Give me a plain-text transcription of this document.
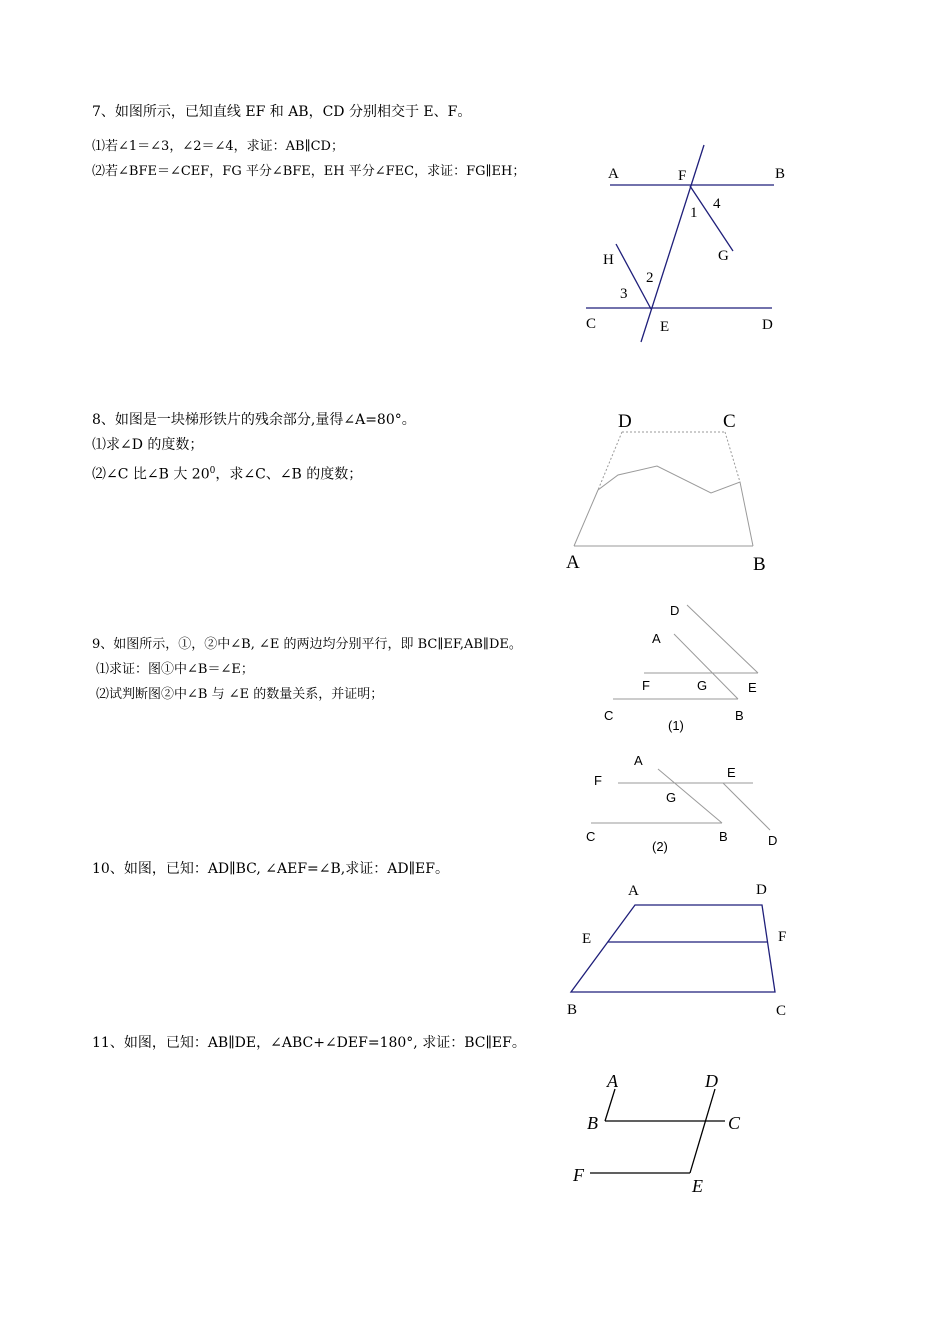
7、如图所示，已知直线 EF 和 AB，CD 分别相交于 E、F。
⑴若∠1＝∠3，∠2＝∠4，求证：AB∥CD；
⑵若∠BFE＝∠CEF，FG 平分∠BFE，EH 平分∠FEC，求证：FG∥EH；	A	F	B
4
1
G
H
2
3
C	E	D
8、如图是一块梯形铁片的残余部分,量得∠A=80°。
⑴求∠D 的度数；
⑵∠C 比∠B 大 $20^0$，求∠C、∠B 的度数；
D	C
A	B
9、如图所示，①，②中∠B, ∠E 的两边均分别平行，即 BC∥EF,AB∥DE。
⑴求证：图①中∠B＝∠E；
⑵试判断图②中∠B 与 ∠E 的数量关系，并证明；
D
A
F	G	E
C	B
(1)
A
E
F
G
C	B	D
(2)
10、如图，已知：AD∥BC, ∠AEF=∠B,求证：AD∥EF。
A	D
E	F
B	C
11、如图，已知：AB∥DE，∠ABC+∠DEF=180°, 求证：BC∥EF。
A	D
B	C
F
E
